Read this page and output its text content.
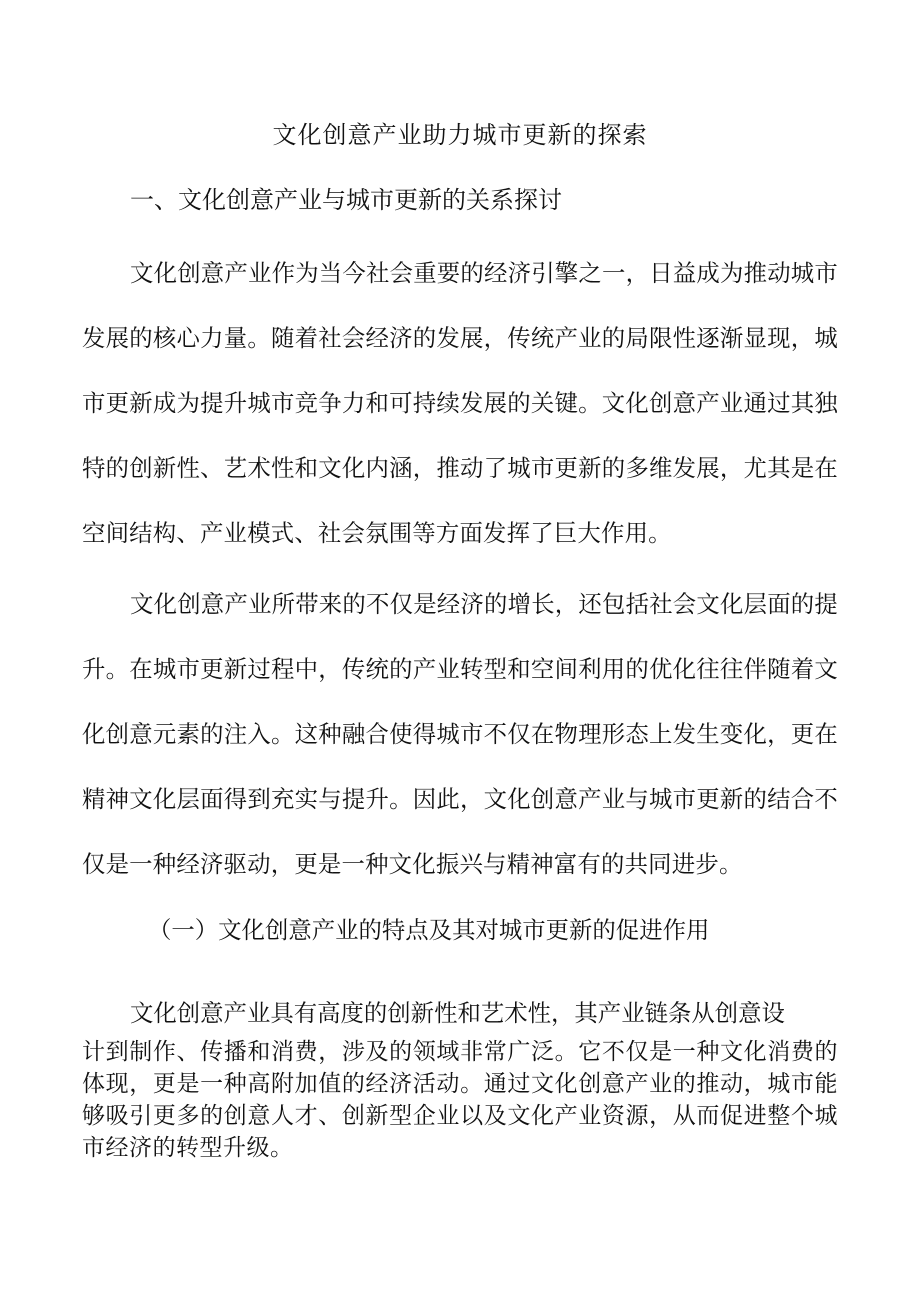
文化创意产业助力城市更新的探索
一、文化创意产业与城市更新的关系探讨

文化创意产业作为当今社会重要的经济引擎之一，日益成为推动城市发展的核心力量。随着社会经济的发展，传统产业的局限性逐渐显现，城市更新成为提升城市竞争力和可持续发展的关键。文化创意产业通过其独特的创新性、艺术性和文化内涵，推动了城市更新的多维发展，尤其是在空间结构、产业模式、社会氛围等方面发挥了巨大作用。

文化创意产业所带来的不仅是经济的增长，还包括社会文化层面的提升。在城市更新过程中，传统的产业转型和空间利用的优化往往伴随着文化创意元素的注入。这种融合使得城市不仅在物理形态上发生变化，更在精神文化层面得到充实与提升。因此，文化创意产业与城市更新的结合不仅是一种经济驱动，更是一种文化振兴与精神富有的共同进步。

（一）文化创意产业的特点及其对城市更新的促进作用

文化创意产业具有高度的创新性和艺术性，其产业链条从创意设

计到制作、传播和消费，涉及的领域非常广泛。它不仅是一种文化消费的体现，更是一种高附加值的经济活动。通过文化创意产业的推动，城市能够吸引更多的创意人才、创新型企业以及文化产业资源，从而促进整个城市经济的转型升级。
